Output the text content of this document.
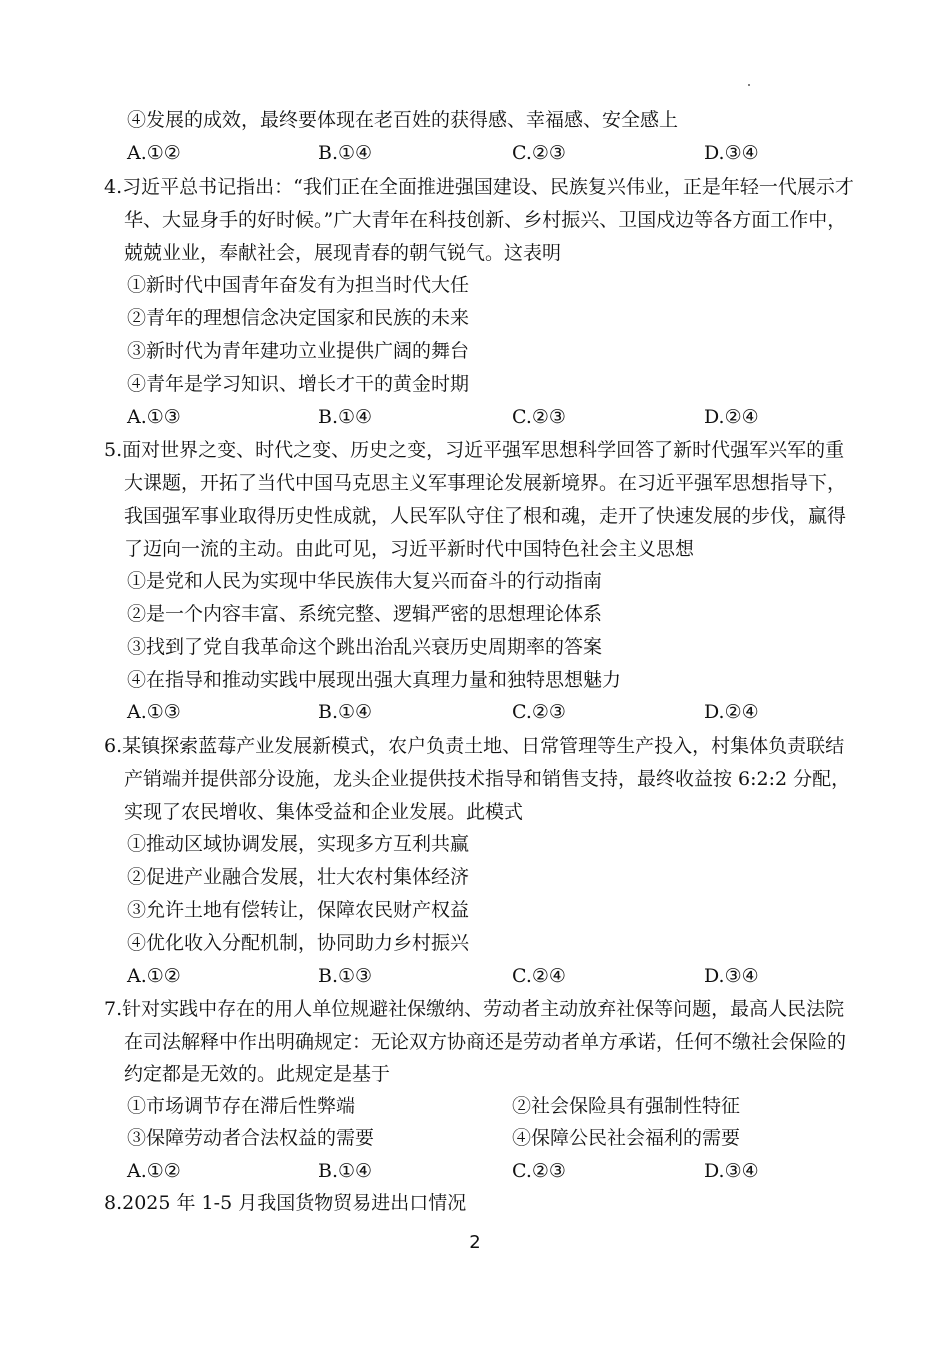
④发展的成效，最终要体现在老百姓的获得感、幸福感、安全感上
A.①②	B.①④	C.②③	D.③④
4.习近平总书记指出：“我们正在全面推进强国建设、民族复兴伟业，正是年轻一代展示才
华、大显身手的好时候。”广大青年在科技创新、乡村振兴、卫国戍边等各方面工作中，
兢兢业业，奉献社会，展现青春的朝气锐气。这表明
①新时代中国青年奋发有为担当时代大任
②青年的理想信念决定国家和民族的未来
③新时代为青年建功立业提供广阔的舞台
④青年是学习知识、增长才干的黄金时期
A.①③	B.①④	C.②③	D.②④
5.面对世界之变、时代之变、历史之变，习近平强军思想科学回答了新时代强军兴军的重
大课题，开拓了当代中国马克思主义军事理论发展新境界。在习近平强军思想指导下，
我国强军事业取得历史性成就，人民军队守住了根和魂，走开了快速发展的步伐，赢得
了迈向一流的主动。由此可见，习近平新时代中国特色社会主义思想
①是党和人民为实现中华民族伟大复兴而奋斗的行动指南
②是一个内容丰富、系统完整、逻辑严密的思想理论体系
③找到了党自我革命这个跳出治乱兴衰历史周期率的答案
④在指导和推动实践中展现出强大真理力量和独特思想魅力
A.①③	B.①④	C.②③	D.②④
6.某镇探索蓝莓产业发展新模式，农户负责土地、日常管理等生产投入，村集体负责联结
产销端并提供部分设施，龙头企业提供技术指导和销售支持，最终收益按 6:2:2 分配，
实现了农民增收、集体受益和企业发展。此模式
①推动区域协调发展，实现多方互利共赢
②促进产业融合发展，壮大农村集体经济
③允许土地有偿转让，保障农民财产权益
④优化收入分配机制，协同助力乡村振兴
A.①②	B.①③	C.②④	D.③④
7.针对实践中存在的用人单位规避社保缴纳、劳动者主动放弃社保等问题，最高人民法院
在司法解释中作出明确规定：无论双方协商还是劳动者单方承诺，任何不缴社会保险的
约定都是无效的。此规定是基于
①市场调节存在滞后性弊端	②社会保险具有强制性特征
③保障劳动者合法权益的需要	④保障公民社会福利的需要
A.①②	B.①④	C.②③	D.③④
8.2025 年 1-5 月我国货物贸易进出口情况
2
